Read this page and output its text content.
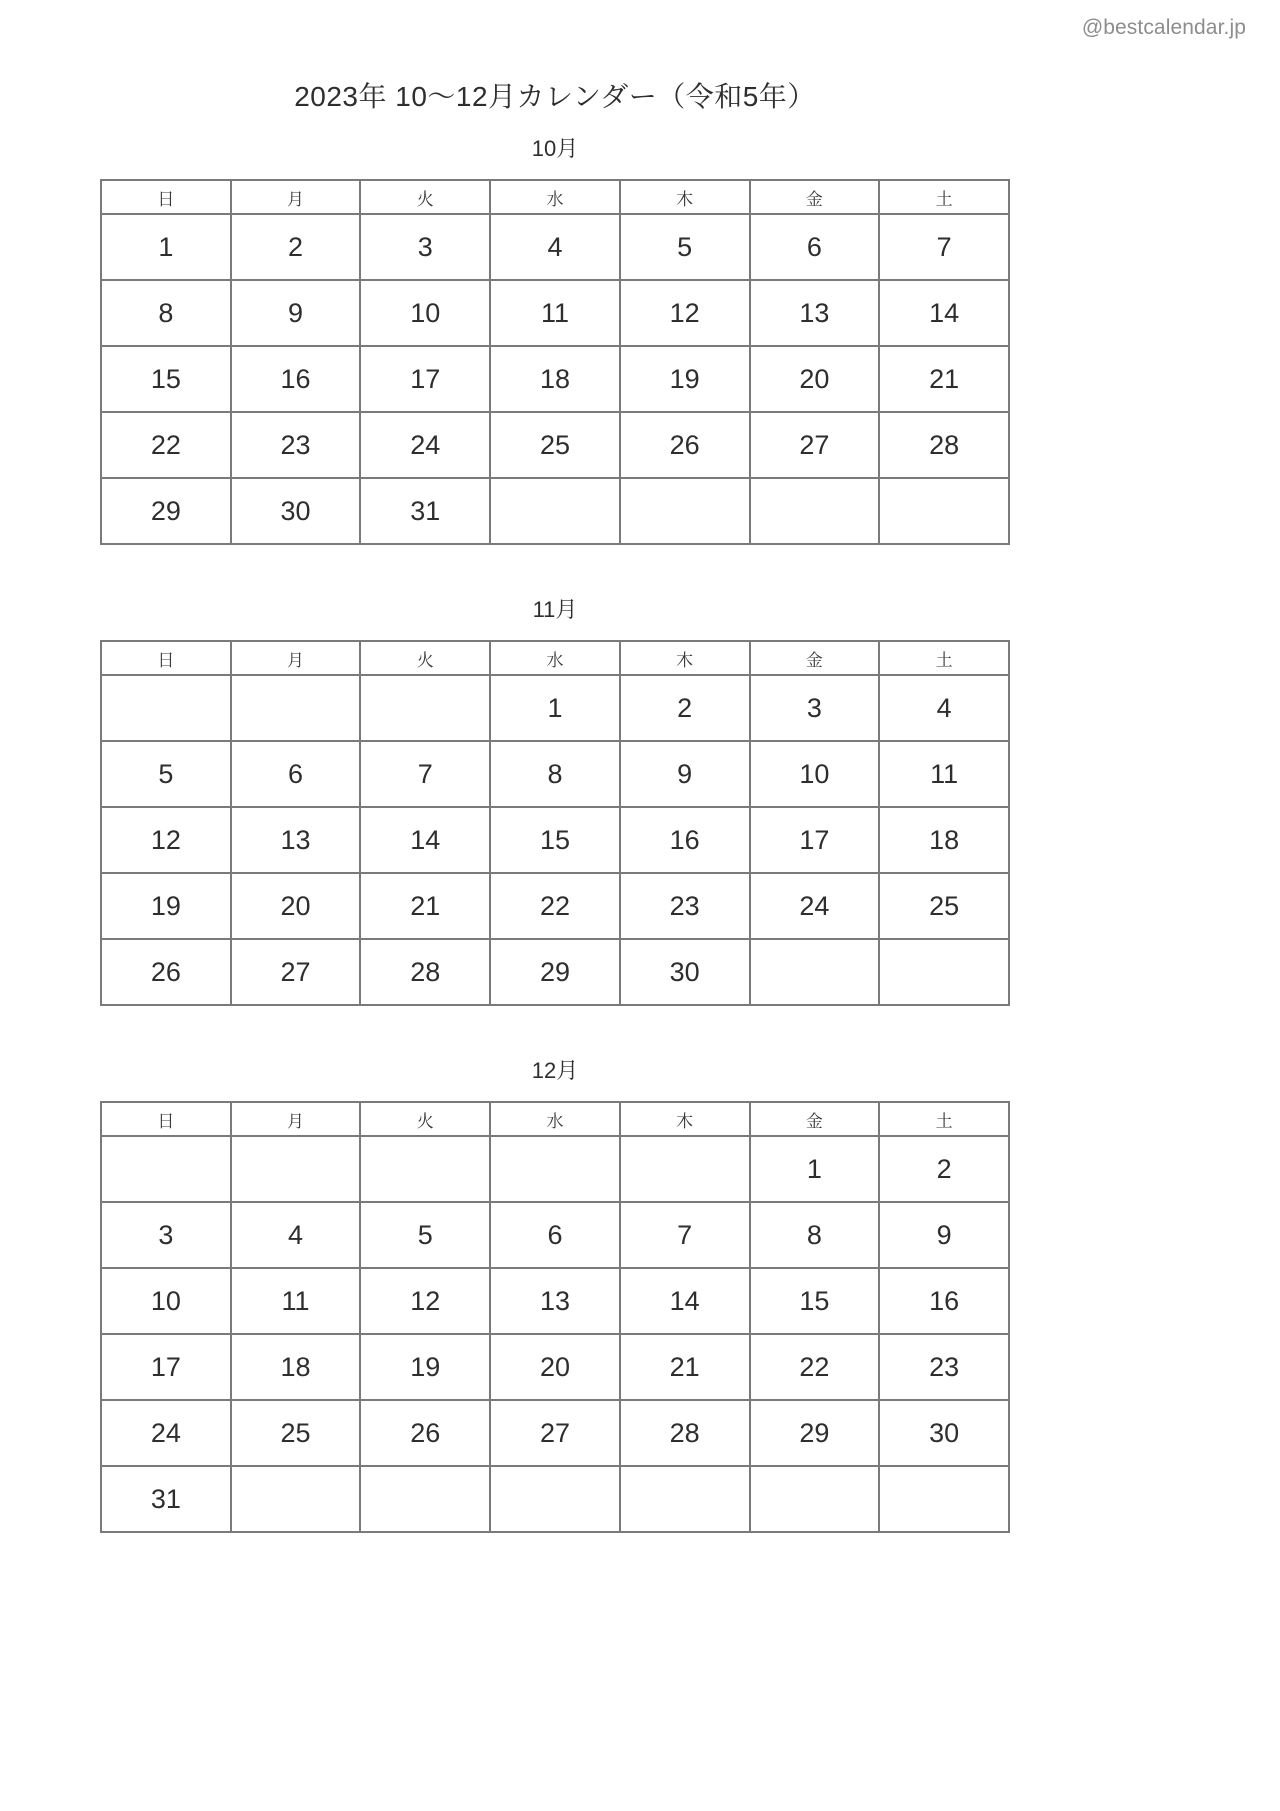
@bestcalendar.jp
2023年 10〜12月カレンダー（令和5年）
10月
日	月	火	水	木	金	土
1	2	3	4	5	6	7
8	9	10	11	12	13	14
15	16	17	18	19	20	21
22	23	24	25	26	27	28
29	30	31				
11月
日	月	火	水	木	金	土
			1	2	3	4
5	6	7	8	9	10	11
12	13	14	15	16	17	18
19	20	21	22	23	24	25
26	27	28	29	30		
12月
日	月	火	水	木	金	土
					1	2
3	4	5	6	7	8	9
10	11	12	13	14	15	16
17	18	19	20	21	22	23
24	25	26	27	28	29	30
31						
